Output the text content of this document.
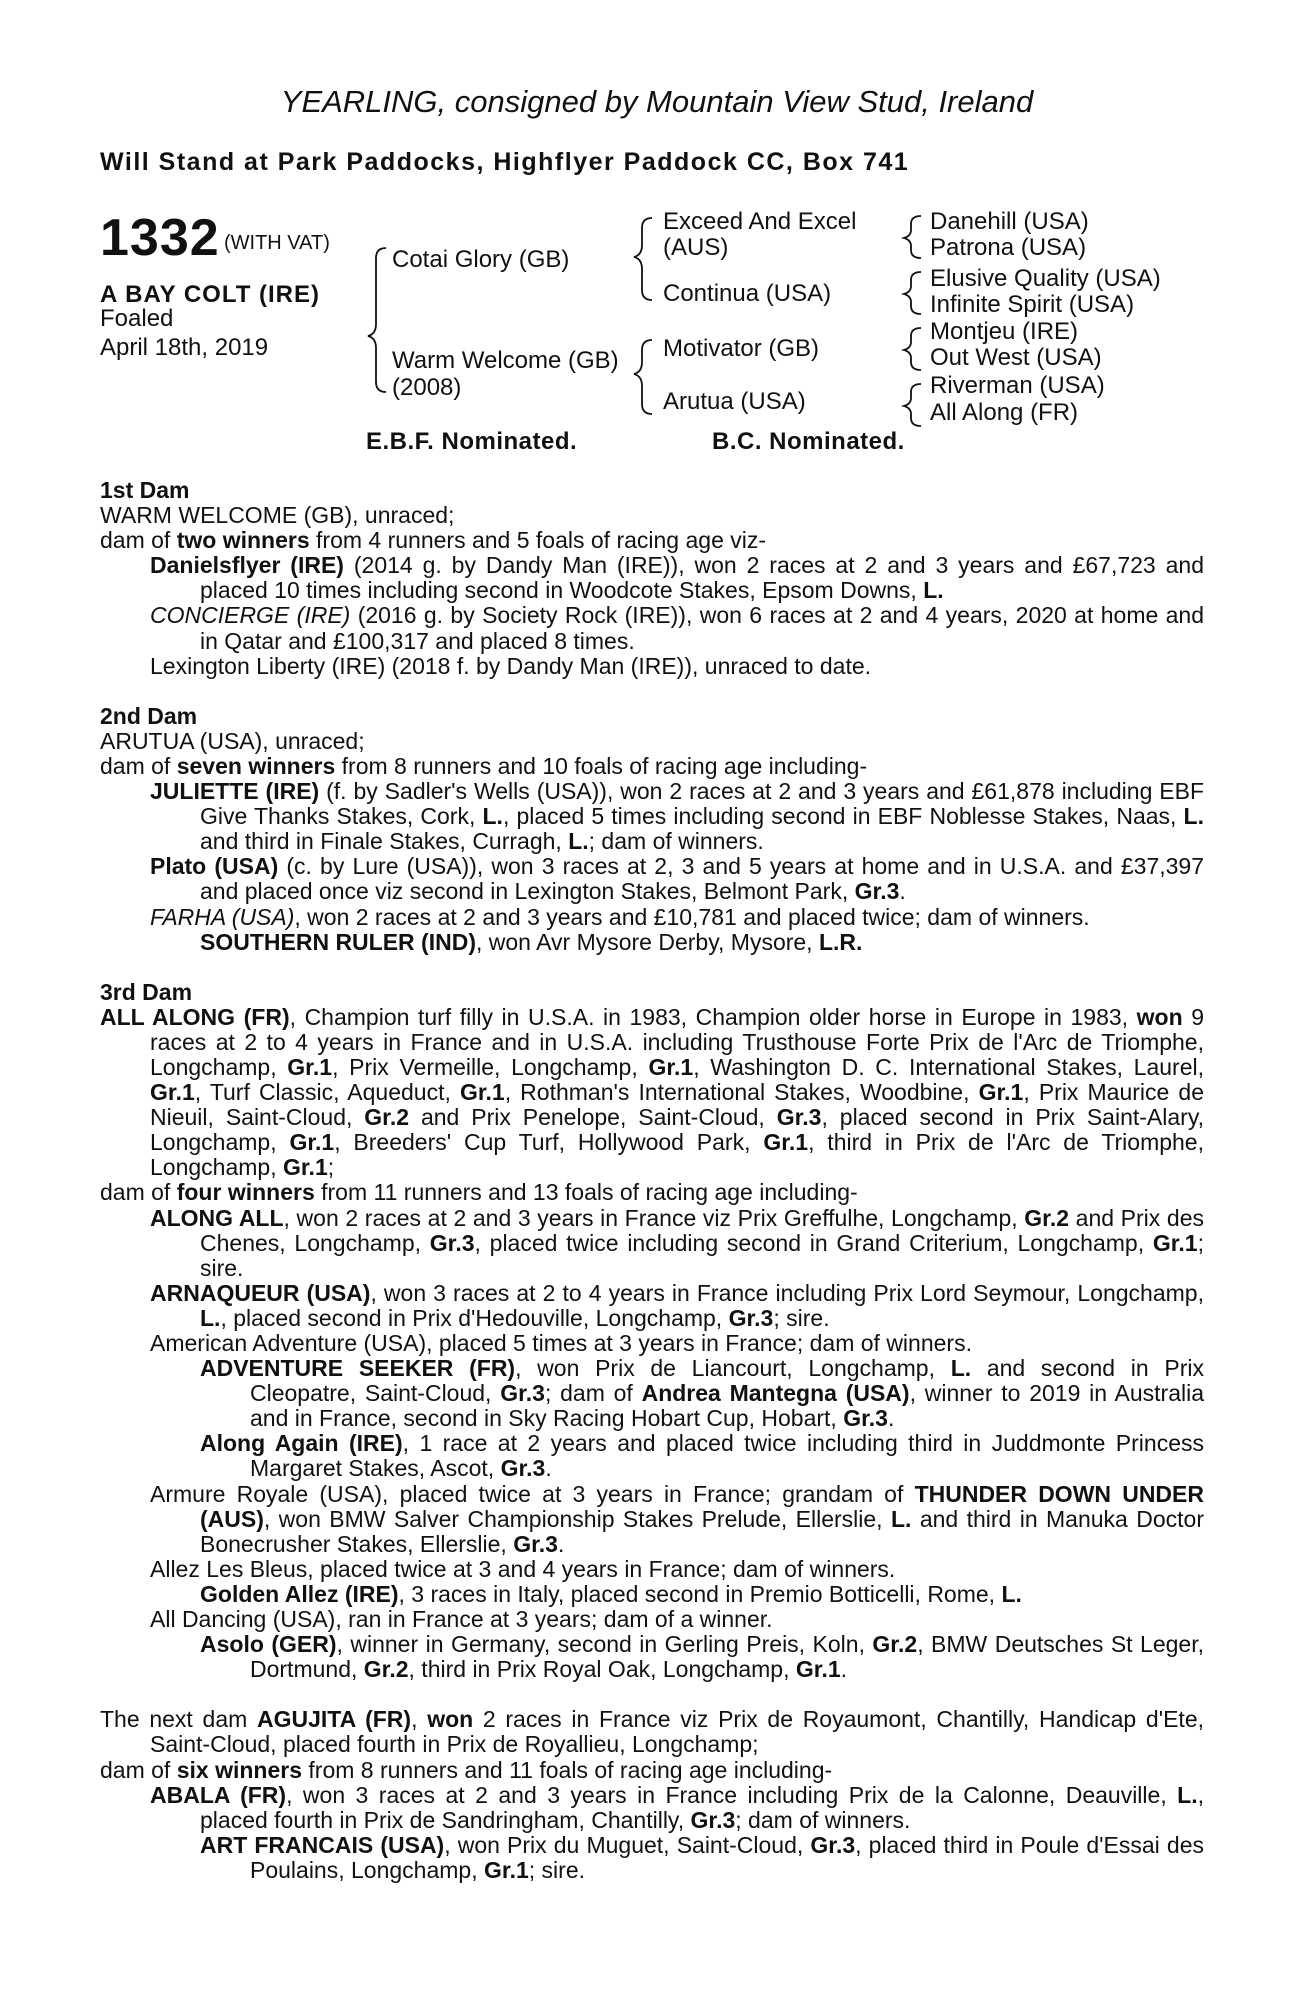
YEARLING, consigned by Mountain View Stud, Ireland
Will Stand at Park Paddocks, Highflyer Paddock CC, Box 741
1332 (WITH VAT)
A BAY COLT (IRE)
Foaled
April 18th, 2019
Cotai Glory (GB)
Warm Welcome (GB)
(2008)
Exceed And Excel
(AUS)
Continua (USA)
Motivator (GB)
Arutua (USA)
Danehill (USA)
Patrona (USA)
Elusive Quality (USA)
Infinite Spirit (USA)
Montjeu (IRE)
Out West (USA)
Riverman (USA)
All Along (FR)
E.B.F. Nominated.	B.C. Nominated.

1st Dam

WARM WELCOME (GB), unraced;

dam of two winners from 4 runners and 5 foals of racing age viz-

Danielsflyer (IRE) (2014 g. by Dandy Man (IRE)), won 2 races at 2 and 3 years and £67,723 and placed 10 times including second in Woodcote Stakes, Epsom Downs, L.

CONCIERGE (IRE) (2016 g. by Society Rock (IRE)), won 6 races at 2 and 4 years, 2020 at home and in Qatar and £100,317 and placed 8 times.

Lexington Liberty (IRE) (2018 f. by Dandy Man (IRE)), unraced to date.

2nd Dam

ARUTUA (USA), unraced;

dam of seven winners from 8 runners and 10 foals of racing age including-

JULIETTE (IRE) (f. by Sadler's Wells (USA)), won 2 races at 2 and 3 years and £61,878 including EBF Give Thanks Stakes, Cork, L., placed 5 times including second in EBF Noblesse Stakes, Naas, L. and third in Finale Stakes, Curragh, L.; dam of winners.

Plato (USA) (c. by Lure (USA)), won 3 races at 2, 3 and 5 years at home and in U.S.A. and £37,397 and placed once viz second in Lexington Stakes, Belmont Park, Gr.3.

FARHA (USA), won 2 races at 2 and 3 years and £10,781 and placed twice; dam of winners.

SOUTHERN RULER (IND), won Avr Mysore Derby, Mysore, L.R.

3rd Dam

ALL ALONG (FR), Champion turf filly in U.S.A. in 1983, Champion older horse in Europe in 1983, won 9 races at 2 to 4 years in France and in U.S.A. including Trusthouse Forte Prix de l'Arc de Triomphe, Longchamp, Gr.1, Prix Vermeille, Longchamp, Gr.1, Washington D. C. International Stakes, Laurel, Gr.1, Turf Classic, Aqueduct, Gr.1, Rothman's International Stakes, Woodbine, Gr.1, Prix Maurice de Nieuil, Saint-Cloud, Gr.2 and Prix Penelope, Saint-Cloud, Gr.3, placed second in Prix Saint-Alary, Longchamp, Gr.1, Breeders' Cup Turf, Hollywood Park, Gr.1, third in Prix de l'Arc de Triomphe, Longchamp, Gr.1;

dam of four winners from 11 runners and 13 foals of racing age including-

ALONG ALL, won 2 races at 2 and 3 years in France viz Prix Greffulhe, Longchamp, Gr.2 and Prix des Chenes, Longchamp, Gr.3, placed twice including second in Grand Criterium, Longchamp, Gr.1; sire.

ARNAQUEUR (USA), won 3 races at 2 to 4 years in France including Prix Lord Seymour, Longchamp, L., placed second in Prix d'Hedouville, Longchamp, Gr.3; sire.

American Adventure (USA), placed 5 times at 3 years in France; dam of winners.

ADVENTURE SEEKER (FR), won Prix de Liancourt, Longchamp, L. and second in Prix Cleopatre, Saint-Cloud, Gr.3; dam of Andrea Mantegna (USA), winner to 2019 in Australia and in France, second in Sky Racing Hobart Cup, Hobart, Gr.3.

Along Again (IRE), 1 race at 2 years and placed twice including third in Juddmonte Princess Margaret Stakes, Ascot, Gr.3.

Armure Royale (USA), placed twice at 3 years in France; grandam of THUNDER DOWN UNDER (AUS), won BMW Salver Championship Stakes Prelude, Ellerslie, L. and third in Manuka Doctor Bonecrusher Stakes, Ellerslie, Gr.3.

Allez Les Bleus, placed twice at 3 and 4 years in France; dam of winners.

Golden Allez (IRE), 3 races in Italy, placed second in Premio Botticelli, Rome, L.

All Dancing (USA), ran in France at 3 years; dam of a winner.

Asolo (GER), winner in Germany, second in Gerling Preis, Koln, Gr.2, BMW Deutsches St Leger, Dortmund, Gr.2, third in Prix Royal Oak, Longchamp, Gr.1.

The next dam AGUJITA (FR), won 2 races in France viz Prix de Royaumont, Chantilly, Handicap d'Ete, Saint-Cloud, placed fourth in Prix de Royallieu, Longchamp;

dam of six winners from 8 runners and 11 foals of racing age including-

ABALA (FR), won 3 races at 2 and 3 years in France including Prix de la Calonne, Deauville, L., placed fourth in Prix de Sandringham, Chantilly, Gr.3; dam of winners.

ART FRANCAIS (USA), won Prix du Muguet, Saint-Cloud, Gr.3, placed third in Poule d'Essai des Poulains, Longchamp, Gr.1; sire.
